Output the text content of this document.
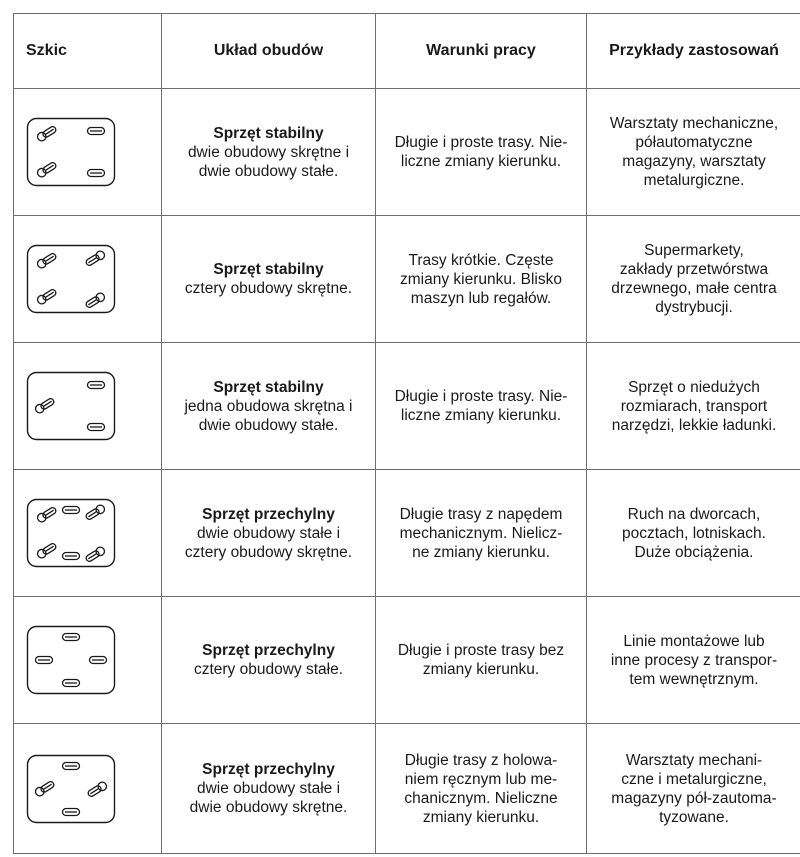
Szkic	Układ obudów	Warunki pracy	Przykłady zastosowań

Sprzęt stabilny
dwie obudowy skrętne i
dwie obudowy stałe.	Długie i proste trasy. Nie-
liczne zmiany kierunku.	Warsztaty mechaniczne,
półautomatyczne
magazyny, warsztaty
metalurgiczne.

Sprzęt stabilny
cztery obudowy skrętne.	Trasy krótkie. Częste
zmiany kierunku. Blisko
maszyn lub regałów.	Supermarkety,
zakłady przetwórstwa
drzewnego, małe centra
dystrybucji.

Sprzęt stabilny
jedna obudowa skrętna i
dwie obudowy stałe.	Długie i proste trasy. Nie-
liczne zmiany kierunku.	Sprzęt o niedużych
rozmiarach, transport
narzędzi, lekkie ładunki.

Sprzęt przechylny
dwie obudowy stałe i
cztery obudowy skrętne.	Długie trasy z napędem
mechanicznym. Nielicz-
ne zmiany kierunku.	Ruch na dworcach,
pocztach, lotniskach.
Duże obciążenia.

Sprzęt przechylny
cztery obudowy stałe.	Długie i proste trasy bez
zmiany kierunku.	Linie montażowe lub
inne procesy z transpor-
tem wewnętrznym.

Sprzęt przechylny
dwie obudowy stałe i
dwie obudowy skrętne.	Długie trasy z holowa-
niem ręcznym lub me-
chanicznym. Nieliczne
zmiany kierunku.	Warsztaty mechani-
czne i metalurgiczne,
magazyny pół-zautoma-
tyzowane.
